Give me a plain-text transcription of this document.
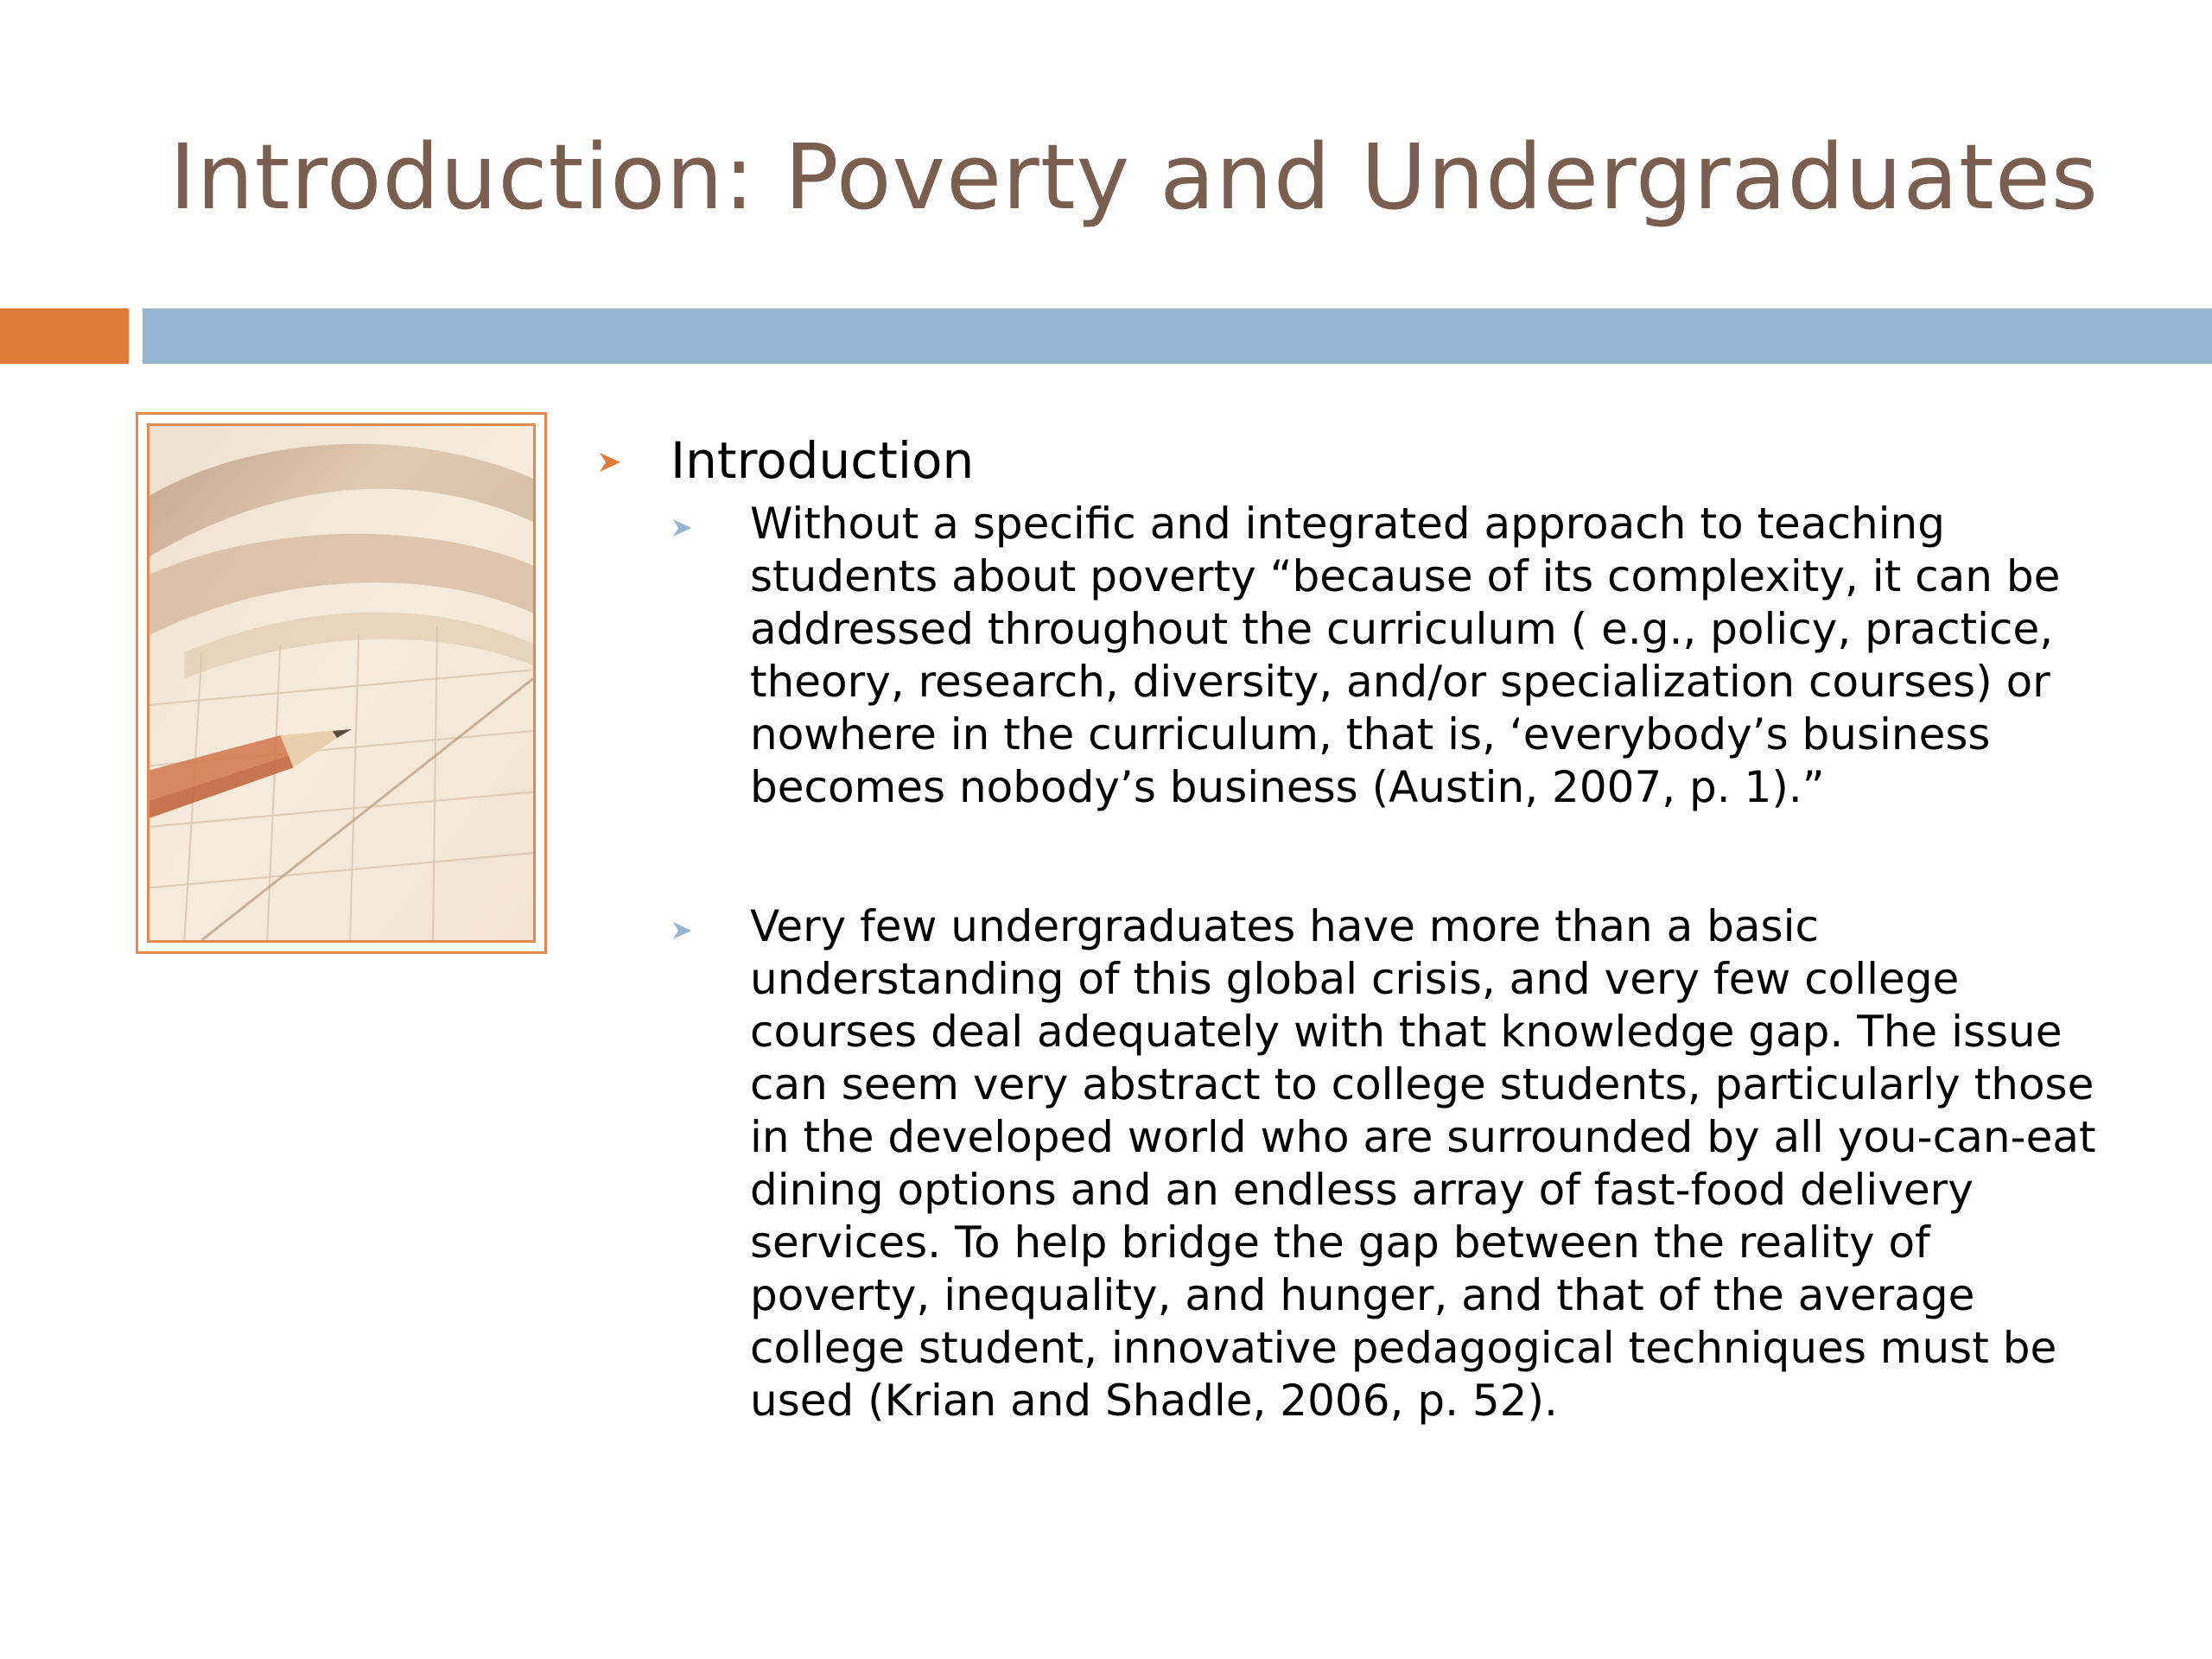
Introduction: Poverty and Undergraduates
Introduction
Without a specific and integrated approach to teaching students about poverty “because of its complexity, it can be addressed throughout the curriculum ( e.g., policy, practice, theory, research, diversity, and/or specialization courses) or nowhere in the curriculum, that is, ‘everybody’s business becomes nobody’s business (Austin, 2007, p. 1).”
Very few undergraduates have more than a basic understanding of this global crisis, and very few college courses deal adequately with that knowledge gap. The issue can seem very abstract to college students, particularly those in the developed world who are surrounded by all you-can-eat dining options and an endless array of fast-food delivery services. To help bridge the gap between the reality of poverty, inequality, and hunger, and that of the average college student, innovative pedagogical techniques must be used (Krian and Shadle, 2006, p. 52).
